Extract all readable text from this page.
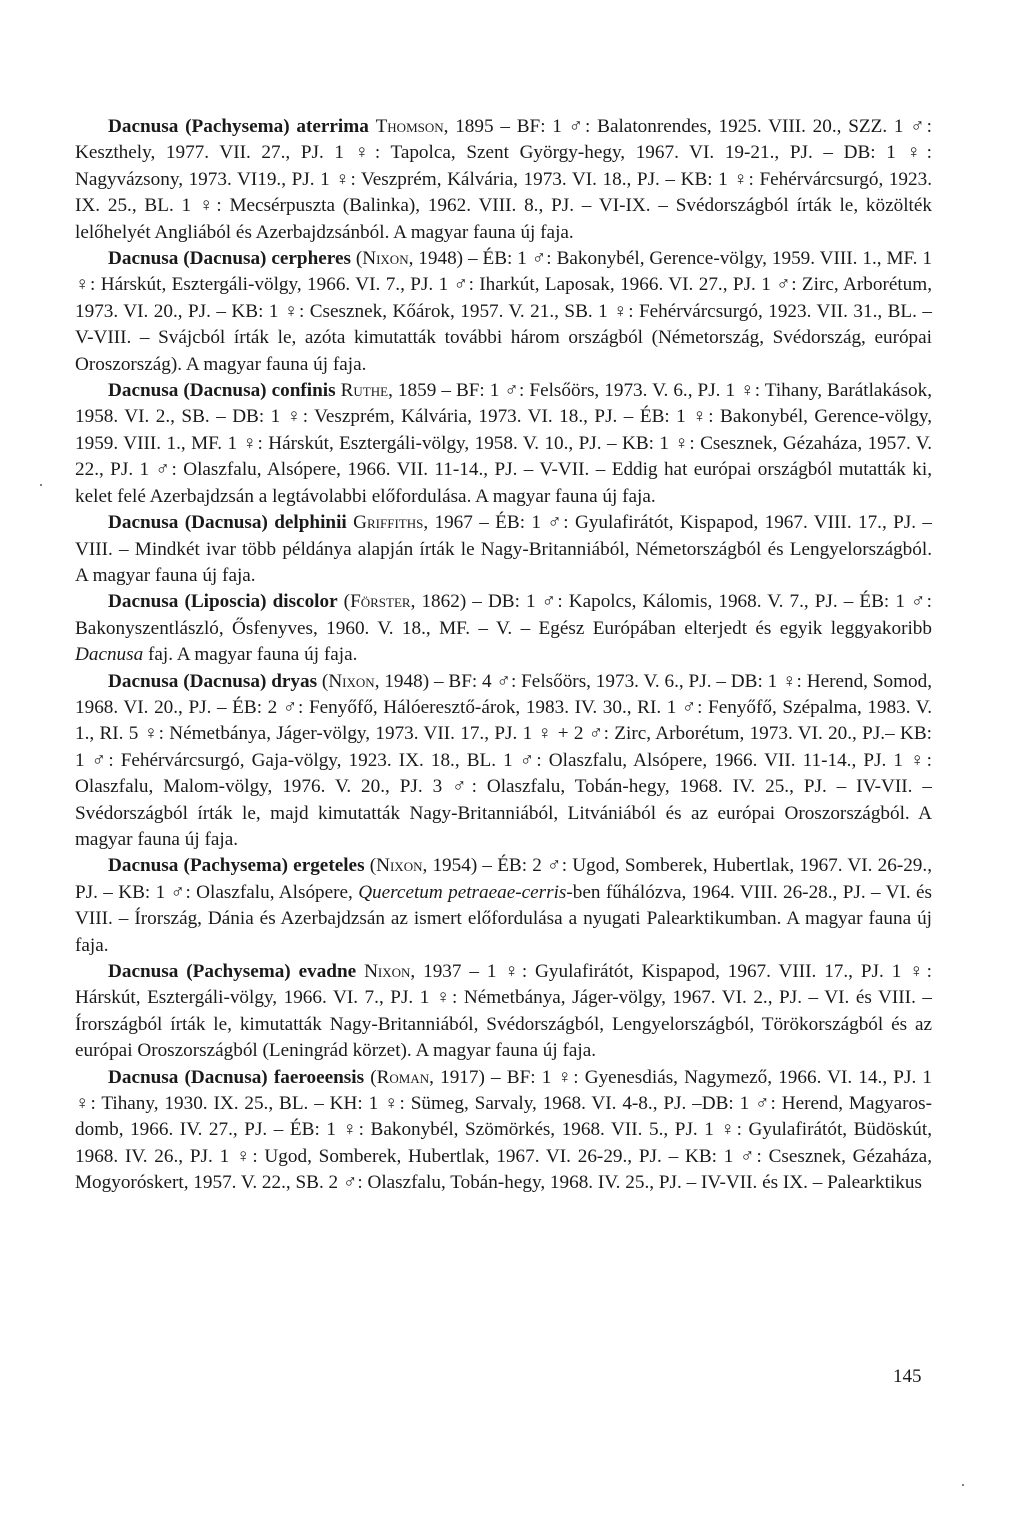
Dacnusa (Pachysema) aterrima Thomson, 1895 – BF: 1 ♂: Balatonrendes, 1925. VIII. 20., SZZ. 1 ♂: Keszthely, 1977. VII. 27., PJ. 1 ♀: Tapolca, Szent György-hegy, 1967. VI. 19-21., PJ. – DB: 1 ♀: Nagyvázsony, 1973. VI19., PJ. 1 ♀: Veszprém, Kálvária, 1973. VI. 18., PJ. – KB: 1 ♀: Fehérvárcsurgó, 1923. IX. 25., BL. 1 ♀: Mecsérpuszta (Balinka), 1962. VIII. 8., PJ. – VI-IX. – Svédországból írták le, közölték lelőhelyét Angliából és Azerbajdzsánból. A magyar fauna új faja.

Dacnusa (Dacnusa) cerpheres (Nixon, 1948) – ÉB: 1 ♂: Bakonybél, Gerence-völgy, 1959. VIII. 1., MF. 1 ♀: Hárskút, Esztergáli-völgy, 1966. VI. 7., PJ. 1 ♂: Iharkút, Laposak, 1966. VI. 27., PJ. 1 ♂: Zirc, Arborétum, 1973. VI. 20., PJ. – KB: 1 ♀: Csesznek, Kőárok, 1957. V. 21., SB. 1 ♀: Fehérvárcsurgó, 1923. VII. 31., BL. – V-VIII. – Svájcból írták le, azóta kimutatták további három országból (Németország, Svédország, európai Oroszország). A magyar fauna új faja.

Dacnusa (Dacnusa) confinis Ruthe, 1859 – BF: 1 ♂: Felsőörs, 1973. V. 6., PJ. 1 ♀: Tihany, Barátlakások, 1958. VI. 2., SB. – DB: 1 ♀: Veszprém, Kálvária, 1973. VI. 18., PJ. – ÉB: 1 ♀: Bakonybél, Gerence-völgy, 1959. VIII. 1., MF. 1 ♀: Hárskút, Esztergáli-völgy, 1958. V. 10., PJ. – KB: 1 ♀: Csesznek, Gézaháza, 1957. V. 22., PJ. 1 ♂: Olaszfalu, Alsópere, 1966. VII. 11-14., PJ. – V-VII. – Eddig hat európai országból mutatták ki, kelet felé Azerbajdzsán a legtávolabbi előfordulása. A magyar fauna új faja.

Dacnusa (Dacnusa) delphinii Griffiths, 1967 – ÉB: 1 ♂: Gyulafirátót, Kispapod, 1967. VIII. 17., PJ. – VIII. – Mindkét ivar több példánya alapján írták le Nagy-Britanniából, Németországból és Lengyelországból. A magyar fauna új faja.

Dacnusa (Liposcia) discolor (Förster, 1862) – DB: 1 ♂: Kapolcs, Kálomis, 1968. V. 7., PJ. – ÉB: 1 ♂: Bakonyszentlászló, Ősfenyves, 1960. V. 18., MF. – V. – Egész Európában elterjedt és egyik leggyakoribb Dacnusa faj. A magyar fauna új faja.

Dacnusa (Dacnusa) dryas (Nixon, 1948) – BF: 4 ♂: Felsőörs, 1973. V. 6., PJ. – DB: 1 ♀: Herend, Somod, 1968. VI. 20., PJ. – ÉB: 2 ♂: Fenyőfő, Hálóeresztő-árok, 1983. IV. 30., RI. 1 ♂: Fenyőfő, Szépalma, 1983. V. 1., RI. 5 ♀: Németbánya, Jáger-völgy, 1973. VII. 17., PJ. 1 ♀ + 2 ♂: Zirc, Arborétum, 1973. VI. 20., PJ.– KB: 1 ♂: Fehérvárcsurgó, Gaja-völgy, 1923. IX. 18., BL. 1 ♂: Olaszfalu, Alsópere, 1966. VII. 11-14., PJ. 1 ♀: Olaszfalu, Malom-völgy, 1976. V. 20., PJ. 3 ♂: Olaszfalu, Tobán-hegy, 1968. IV. 25., PJ. – IV-VII. – Svédországból írták le, majd kimutatták Nagy-Britanniából, Litvániából és az európai Oroszországból. A magyar fauna új faja.

Dacnusa (Pachysema) ergeteles (Nixon, 1954) – ÉB: 2 ♂: Ugod, Somberek, Hubertlak, 1967. VI. 26-29., PJ. – KB: 1 ♂: Olaszfalu, Alsópere, Quercetum petraeae-cerris-ben fűhálózva, 1964. VIII. 26-28., PJ. – VI. és VIII. – Írország, Dánia és Azerbajdzsán az ismert előfordulása a nyugati Palearktikumban. A magyar fauna új faja.

Dacnusa (Pachysema) evadne Nixon, 1937 – 1 ♀: Gyulafirátót, Kispapod, 1967. VIII. 17., PJ. 1 ♀: Hárskút, Esztergáli-völgy, 1966. VI. 7., PJ. 1 ♀: Németbánya, Jáger-völgy, 1967. VI. 2., PJ. – VI. és VIII. – Írországból írták le, kimutatták Nagy-Britanniából, Svédországból, Lengyelországból, Törökországból és az európai Oroszországból (Leningrád körzet). A magyar fauna új faja.

Dacnusa (Dacnusa) faeroeensis (Roman, 1917) – BF: 1 ♀: Gyenesdiás, Nagymező, 1966. VI. 14., PJ. 1 ♀: Tihany, 1930. IX. 25., BL. – KH: 1 ♀: Sümeg, Sarvaly, 1968. VI. 4-8., PJ. –DB: 1 ♂: Herend, Magyaros-domb, 1966. IV. 27., PJ. – ÉB: 1 ♀: Bakonybél, Szömörkés, 1968. VII. 5., PJ. 1 ♀: Gyulafirátót, Büdöskút, 1968. IV. 26., PJ. 1 ♀: Ugod, Somberek, Hubertlak, 1967. VI. 26-29., PJ. – KB: 1 ♂: Csesznek, Gézaháza, Mogyoróskert, 1957. V. 22., SB. 2 ♂: Olaszfalu, Tobán-hegy, 1968. IV. 25., PJ. – IV-VII. és IX. – Palearktikus

145
